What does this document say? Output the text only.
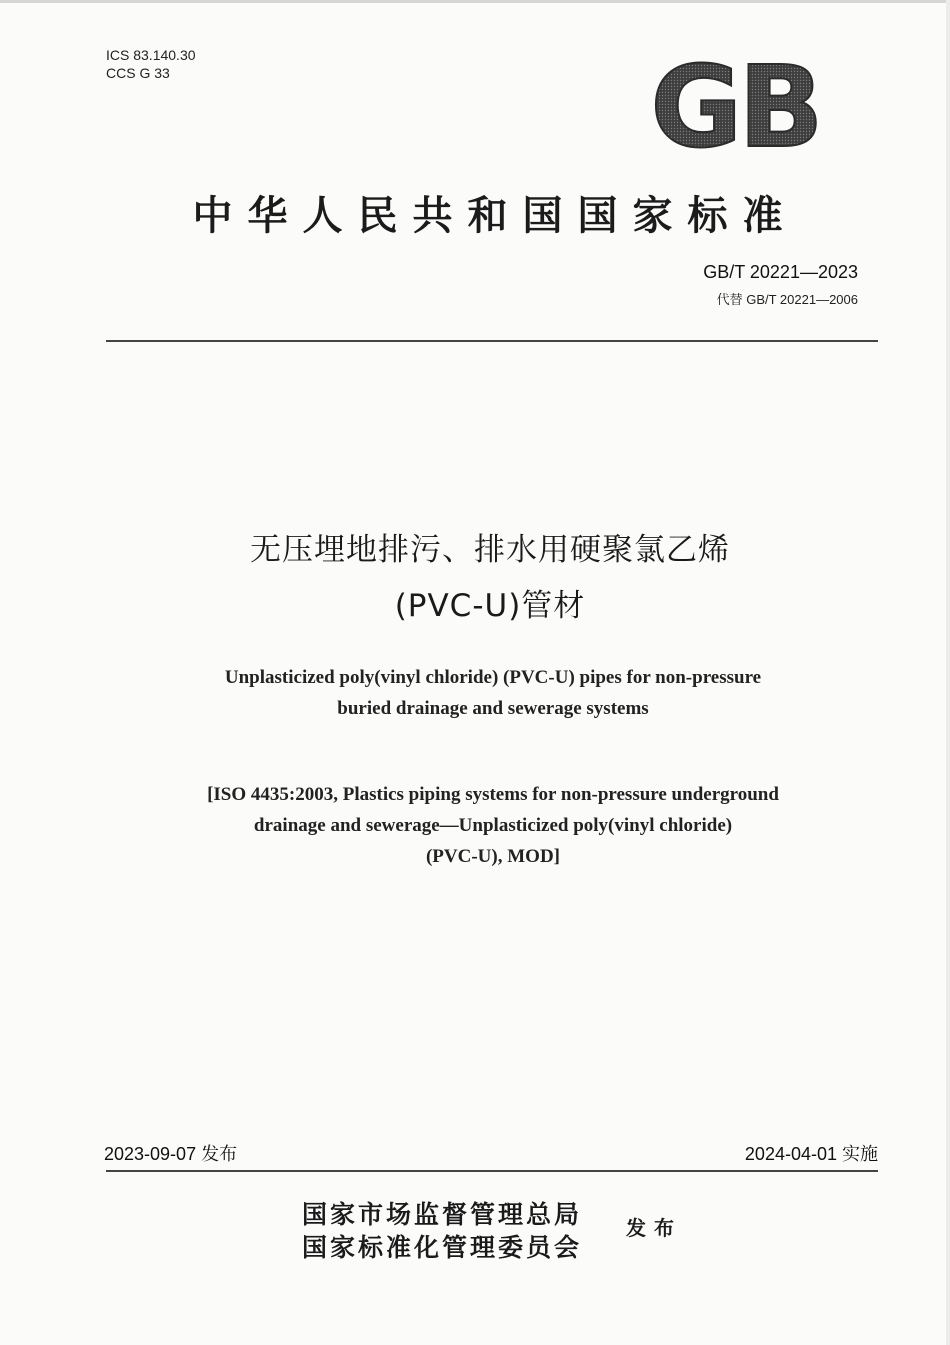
ICS 83.140.30
CCS G 33	GB
中华人民共和国国家标准
GB/T 20221—2023
代替 GB/T 20221—2006
无压埋地排污、排水用硬聚氯乙烯
(PVC-U)管材
Unplasticized poly(vinyl chloride) (PVC-U) pipes for non-pressure
buried drainage and sewerage systems
[ISO 4435:2003, Plastics piping systems for non-pressure underground
drainage and sewerage—Unplasticized poly(vinyl chloride)
(PVC-U), MOD]
2023-09-07 发布	2024-04-01 实施
国家市场监督管理总局
国家标准化管理委员会
发布
